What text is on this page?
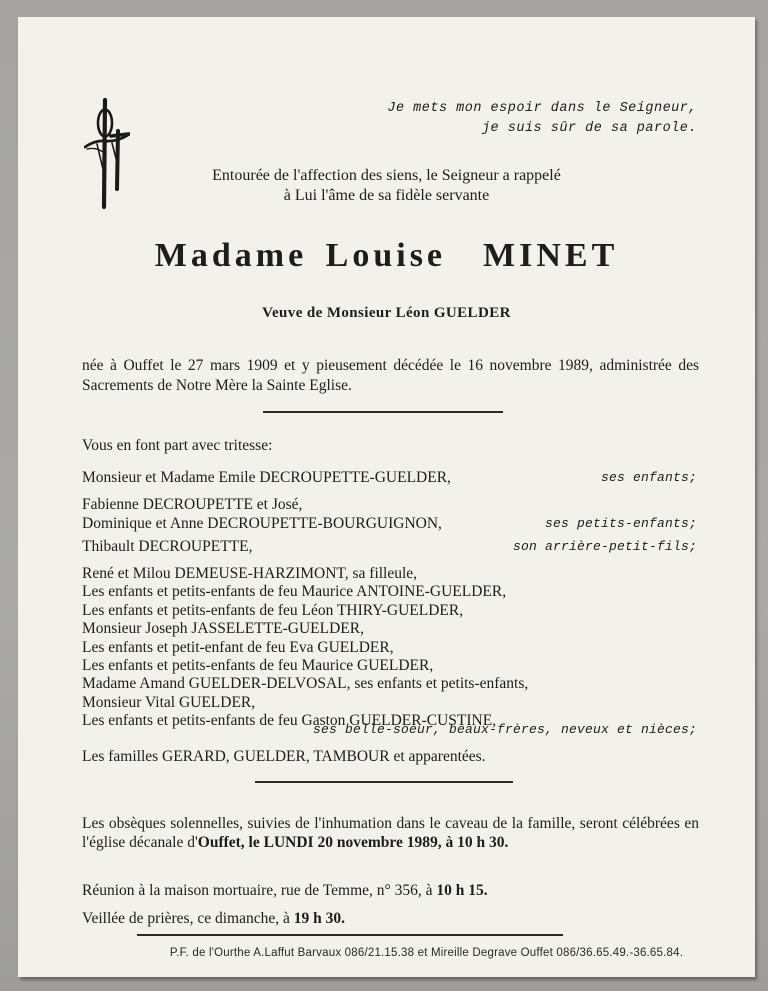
Je mets mon espoir dans le Seigneur,
je suis sûr de sa parole.
Entourée de l'affection des siens, le Seigneur a rappelé
à Lui l'âme de sa fidèle servante
Madame Louise  MINET
Veuve de Monsieur Léon GUELDER
née à Ouffet le 27 mars 1909 et y pieusement décédée le 16 novembre 1989, administrée des Sacrements de Notre Mère la Sainte Eglise.
Vous en font part avec tritesse:
Monsieur et Madame Emile DECROUPETTE-GUELDER,	ses enfants;
Fabienne DECROUPETTE et José,
Dominique et Anne DECROUPETTE-BOURGUIGNON,	ses petits-enfants;
Thibault DECROUPETTE,	son arrière-petit-fils;
René et Milou DEMEUSE-HARZIMONT, sa filleule,
Les enfants et petits-enfants de feu Maurice ANTOINE-GUELDER,
Les enfants et petits-enfants de feu Léon THIRY-GUELDER,
Monsieur Joseph JASSELETTE-GUELDER,
Les enfants et petit-enfant de feu Eva GUELDER,
Les enfants et petits-enfants de feu Maurice GUELDER,
Madame Amand GUELDER-DELVOSAL, ses enfants et petits-enfants,
Monsieur Vital GUELDER,
Les enfants et petits-enfants de feu Gaston GUELDER-CUSTINE,
ses belle-soeur, beaux-frères, neveux et nièces;
Les familles GERARD, GUELDER, TAMBOUR et apparentées.
Les obsèques solennelles, suivies de l'inhumation dans le caveau de la famille, seront célébrées en l'église décanale d'Ouffet, le LUNDI 20 novembre 1989, à 10 h 30.
Réunion à la maison mortuaire, rue de Temme, n° 356, à 10 h 15.
Veillée de prières, ce dimanche, à 19 h 30.
P.F. de l'Ourthe A.Laffut Barvaux 086/21.15.38 et Mireille Degrave Ouffet 086/36.65.49.-36.65.84.
